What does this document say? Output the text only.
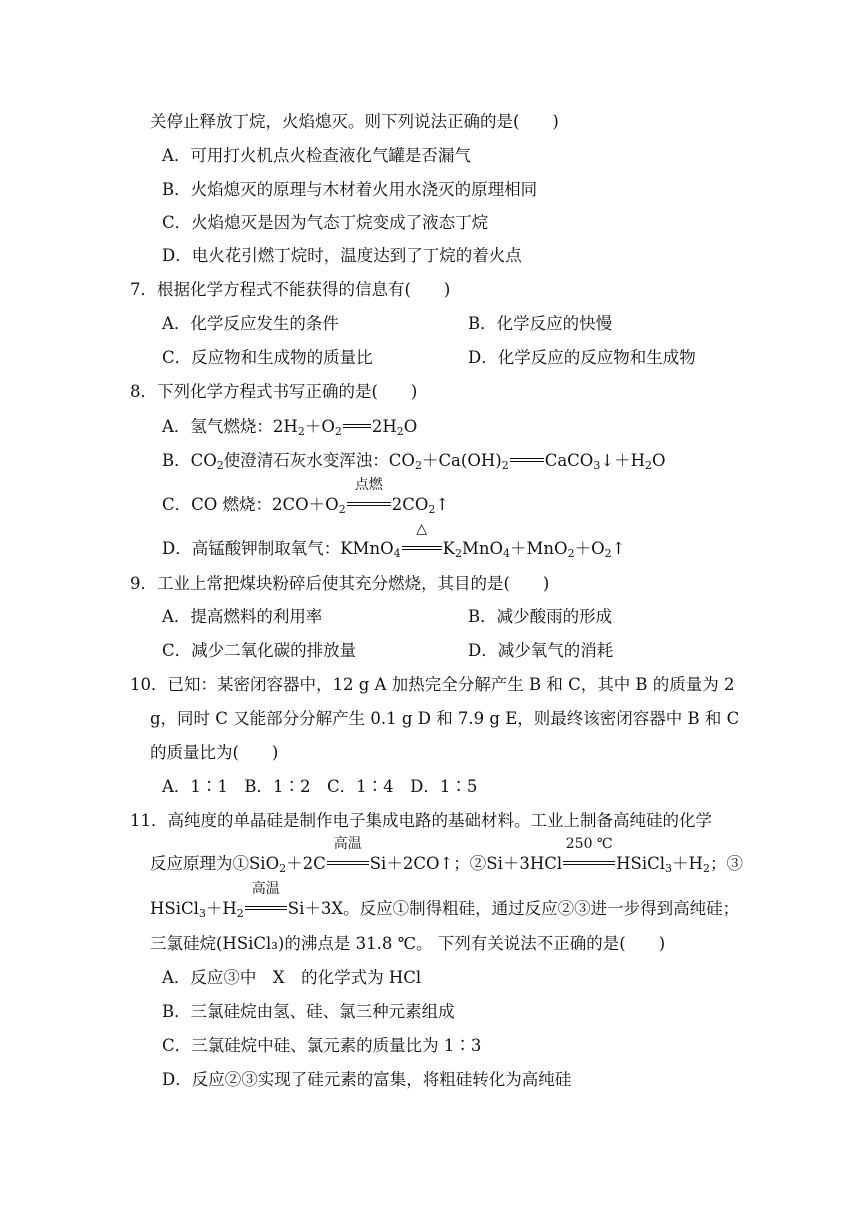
关停止释放丁烷，火焰熄灭。则下列说法正确的是(　　)
A．可用打火机点火检查液化气罐是否漏气
B．火焰熄灭的原理与木材着火用水浇灭的原理相同
C．火焰熄灭是因为气态丁烷变成了液态丁烷
D．电火花引燃丁烷时，温度达到了丁烷的着火点
7．根据化学方程式不能获得的信息有(　　)
A．化学反应发生的条件	B．化学反应的快慢
C．反应物和生成物的质量比	D．化学反应的反应物和生成物
8．下列化学方程式书写正确的是(　　)
A．氢气燃烧：$2H_2+O_2$ $2H_2O$
B．$CO_2$使澄清石灰水变浑浊：$CO_2+Ca(OH)_2$ $CaCO_3↓+H_2O$
C．CO 燃烧：$2CO+O_2$
点燃
$2CO_2↑$
D．高锰酸钾制取氧气：KMnO$_4$
△
$K_2MnO_4+MnO_2+O_2↑$
9．工业上常把煤块粉碎后使其充分燃烧，其目的是(　　)
A．提高燃料的利用率	B．减少酸雨的形成
C．减少二氧化碳的排放量	D．减少氧气的消耗
10．已知：某密闭容器中，12 g A 加热完全分解产生 B 和 C，其中 B 的质量为 2
g，同时 C 又能部分分解产生 0.1 g D 和 7.9 g E，则最终该密闭容器中 B 和 C
的质量比为(　　)
A．1∶1　B．1∶2　C．1∶4　D．1∶5
11．高纯度的单晶硅是制作电子集成电路的基础材料。工业上制备高纯硅的化学
反应原理为①SiO$_2$＋2C
高温
Si＋2CO↑；②Si＋3HCl
250 ℃
$HSiCl_3+H_2$；③
$HSiCl_3+H_2$
高温
Si＋3X。反应①制得粗硅，通过反应②③进一步得到高纯硅；
三氯硅烷(HSiCl₃)的沸点是 31.8 ℃。 下列有关说法不正确的是(　　)
A．反应③中　X　的化学式为 HCl
B．三氯硅烷由氢、硅、氯三种元素组成
C．三氯硅烷中硅、氯元素的质量比为 1∶3
D．反应②③实现了硅元素的富集，将粗硅转化为高纯硅
